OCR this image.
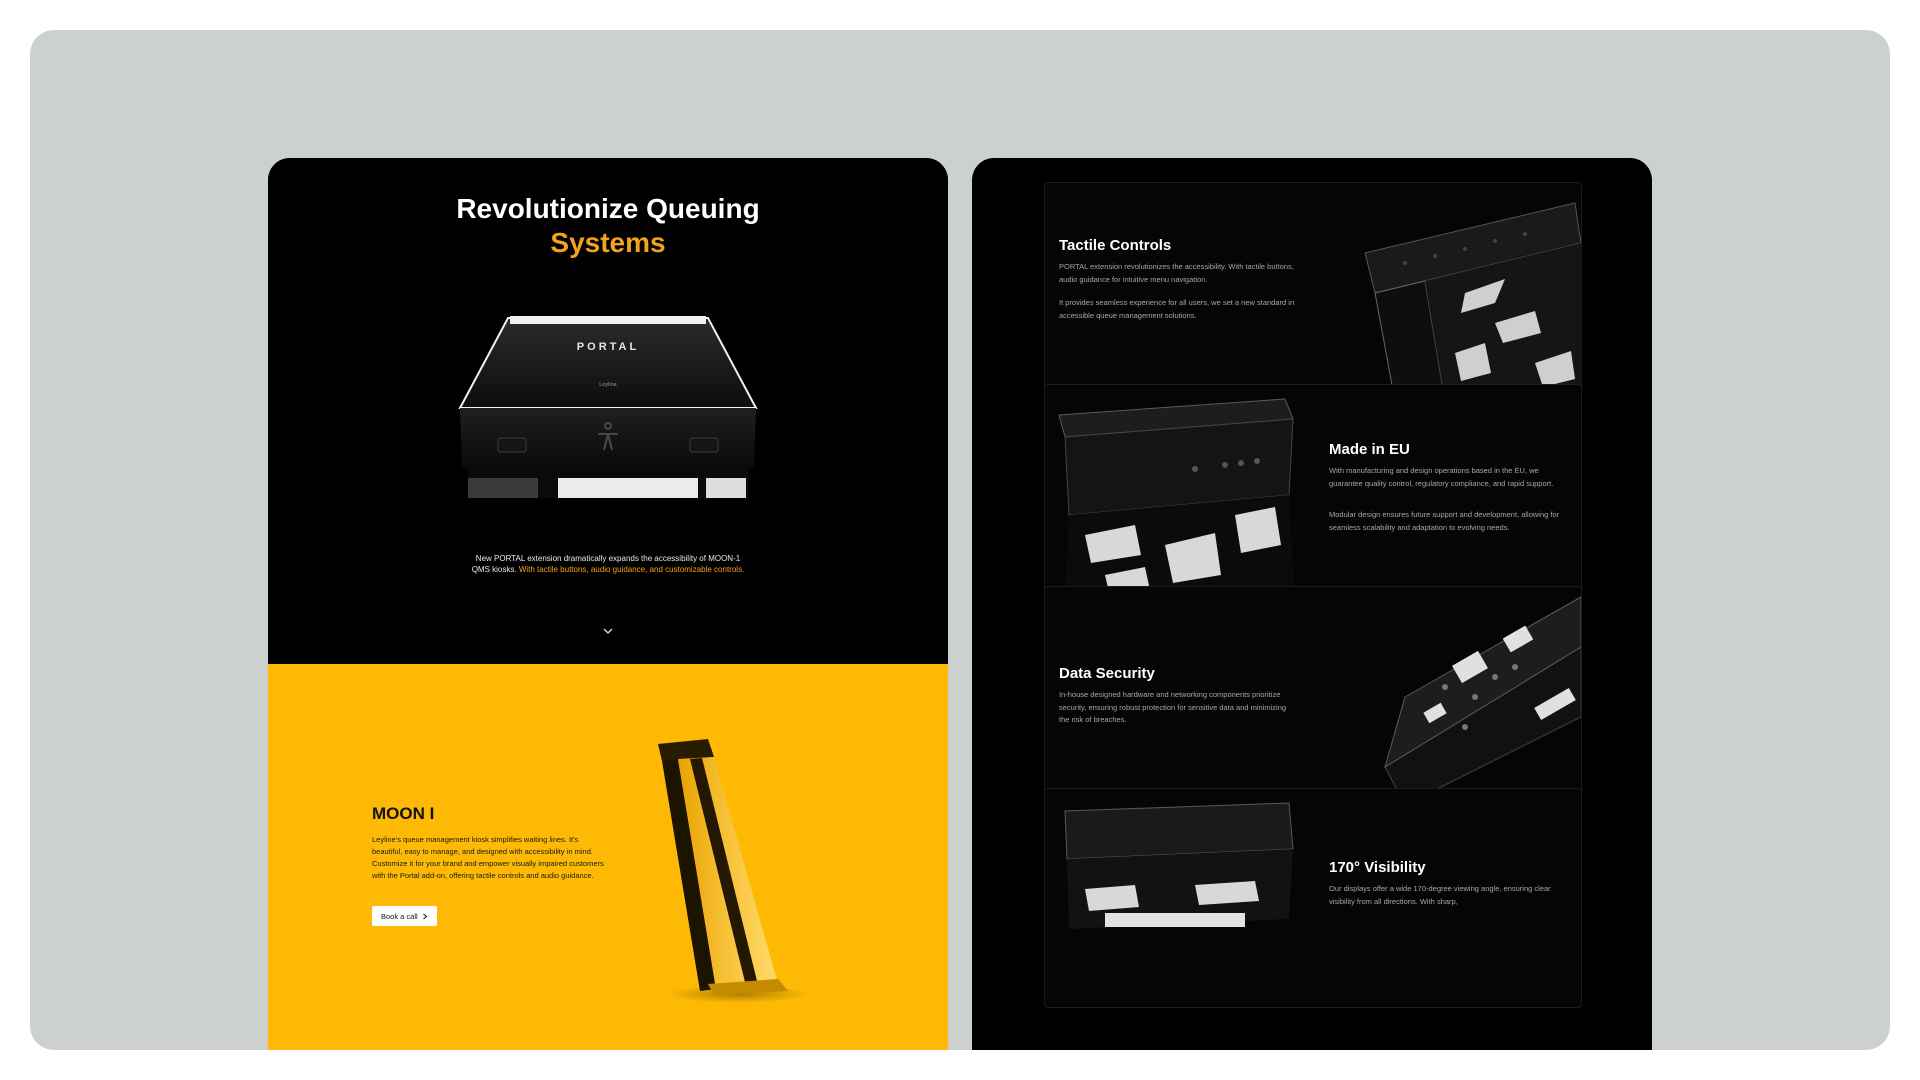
Revolutionize Queuing
Systems
PORTAL
Leyline

New PORTAL extension dramatically expands the accessibility of MOON-1 QMS kiosks. With tactile buttons, audio guidance, and customizable controls.

MOON I

Leyline's queue management kiosk simplifies waiting lines. It's beautiful, easy to manage, and designed with accessibility in mind. Customize it for your brand and empower visually impaired customers with the Portal add-on, offering tactile controls and audio guidance.

Book a call
Tactile Controls

PORTAL extension revolutionizes the accessibility. With tactile buttons, audio guidance for intuitive menu navigation.

It provides seamless experience for all users, we set a new standard in accessible queue management solutions.

Made in EU

With manufacturing and design operations based in the EU, we guarantee quality control, regulatory compliance, and rapid support.

Modular design ensures future support and development, allowing for seamless scalability and adaptation to evolving needs.

Data Security

In-house designed hardware and networking components prioritize security, ensuring robust protection for sensitive data and minimizing the risk of breaches.

170° Visibility

Our displays offer a wide 170-degree viewing angle, ensuring clear visibility from all directions. With sharp,
